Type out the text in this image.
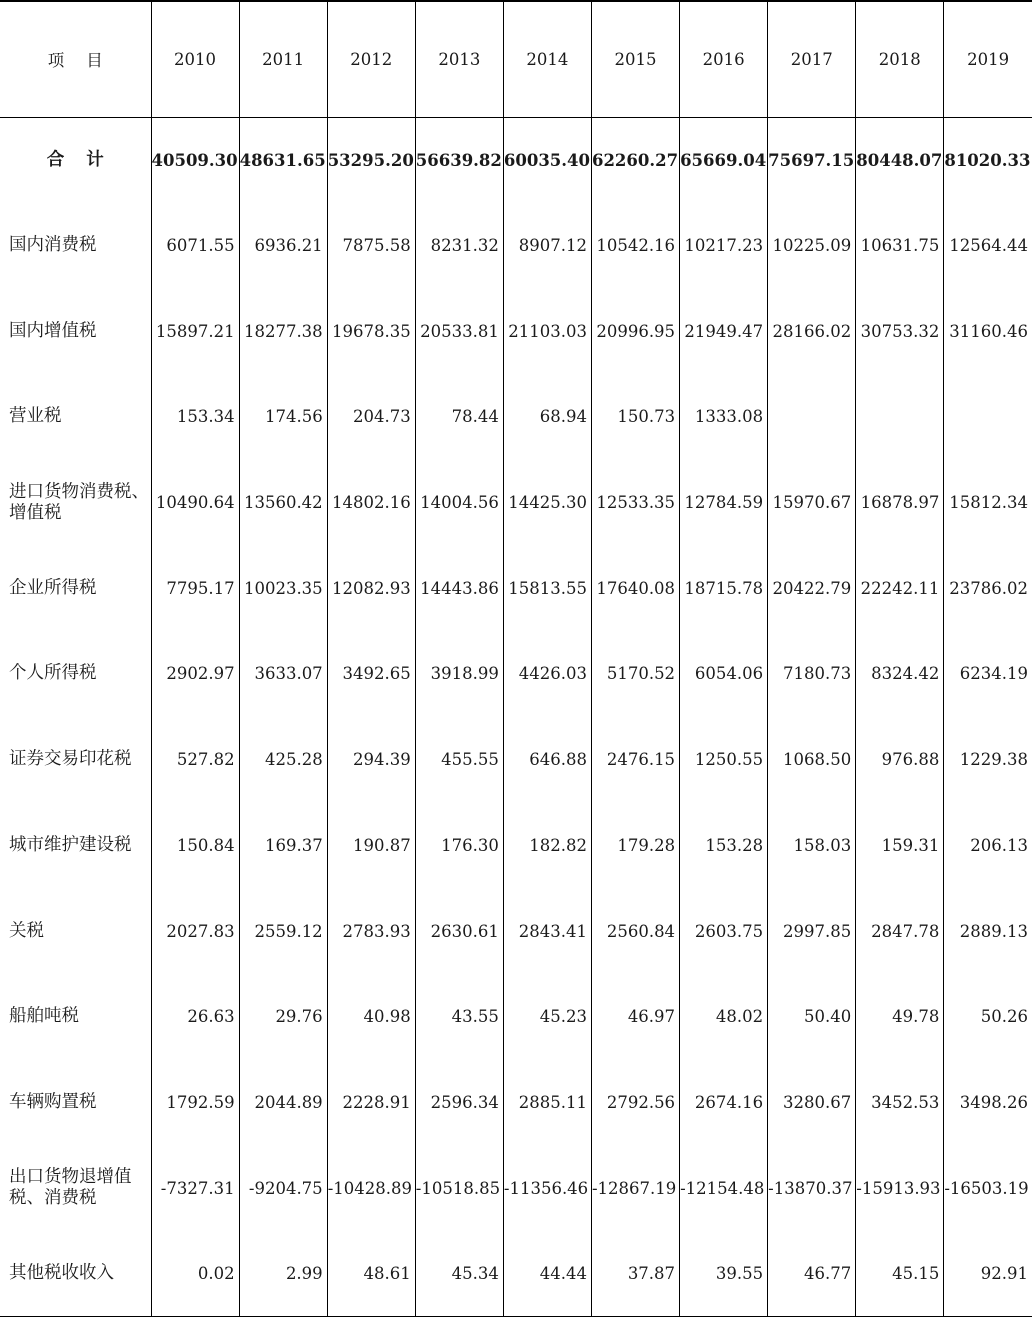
项目	2010	2011	2012	2013	2014	2015	2016	2017	2018	2019
合计	40509.30	48631.65	53295.20	56639.82	60035.40	62260.27	65669.04	75697.15	80448.07	81020.33
国内消费税	6071.55	6936.21	7875.58	8231.32	8907.12	10542.16	10217.23	10225.09	10631.75	12564.44
国内增值税	15897.21	18277.38	19678.35	20533.81	21103.03	20996.95	21949.47	28166.02	30753.32	31160.46
营业税	153.34	174.56	204.73	78.44	68.94	150.73	1333.08			
进口货物消费税、增值税	10490.64	13560.42	14802.16	14004.56	14425.30	12533.35	12784.59	15970.67	16878.97	15812.34
企业所得税	7795.17	10023.35	12082.93	14443.86	15813.55	17640.08	18715.78	20422.79	22242.11	23786.02
个人所得税	2902.97	3633.07	3492.65	3918.99	4426.03	5170.52	6054.06	7180.73	8324.42	6234.19
证券交易印花税	527.82	425.28	294.39	455.55	646.88	2476.15	1250.55	1068.50	976.88	1229.38
城市维护建设税	150.84	169.37	190.87	176.30	182.82	179.28	153.28	158.03	159.31	206.13
关税	2027.83	2559.12	2783.93	2630.61	2843.41	2560.84	2603.75	2997.85	2847.78	2889.13
船舶吨税	26.63	29.76	40.98	43.55	45.23	46.97	48.02	50.40	49.78	50.26
车辆购置税	1792.59	2044.89	2228.91	2596.34	2885.11	2792.56	2674.16	3280.67	3452.53	3498.26
出口货物退增值税、消费税	-7327.31	-9204.75	-10428.89	-10518.85	-11356.46	-12867.19	-12154.48	-13870.37	-15913.93	-16503.19
其他税收收入	0.02	2.99	48.61	45.34	44.44	37.87	39.55	46.77	45.15	92.91
